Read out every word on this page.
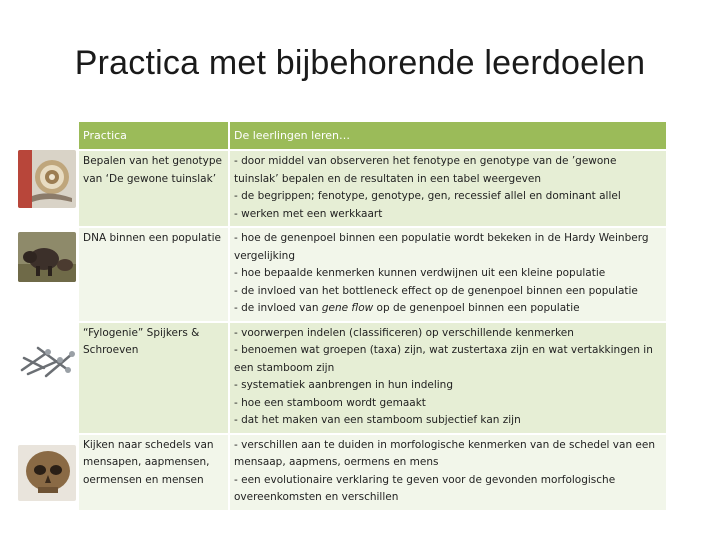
Practica met bijbehorende leerdoelen
Practica	De leerlingen leren…
Bepalen van het genotype van ‘De gewone tuinslak’	- door middel van observeren het fenotype en genotype van de ’gewone tuinslak’ bepalen en de resultaten in een tabel weergeven
- de begrippen; fenotype, genotype, gen, recessief allel en dominant allel
- werken met een werkkaart

DNA binnen een populatie	- hoe de genenpoel binnen een populatie wordt bekeken in de Hardy Weinberg vergelijking
- hoe bepaalde kenmerken kunnen verdwijnen uit een kleine populatie
- de invloed van het bottleneck effect op de genenpoel binnen een populatie
- de invloed van gene flow op de genenpoel binnen een populatie

“Fylogenie” Spijkers & Schroeven	- voorwerpen indelen (classificeren) op verschillende kenmerken
- benoemen wat groepen (taxa) zijn, wat zustertaxa zijn en wat vertakkingen in een stamboom zijn
- systematiek aanbrengen in hun indeling
- hoe een stamboom wordt gemaakt
- dat het maken van een stamboom subjectief kan zijn

Kijken naar schedels van mensapen, aapmensen, oermensen en mensen	- verschillen aan te duiden in morfologische kenmerken van de schedel van een mensaap, aapmens, oermens en mens
- een evolutionaire verklaring te geven voor de gevonden morfologische overeenkomsten en verschillen
